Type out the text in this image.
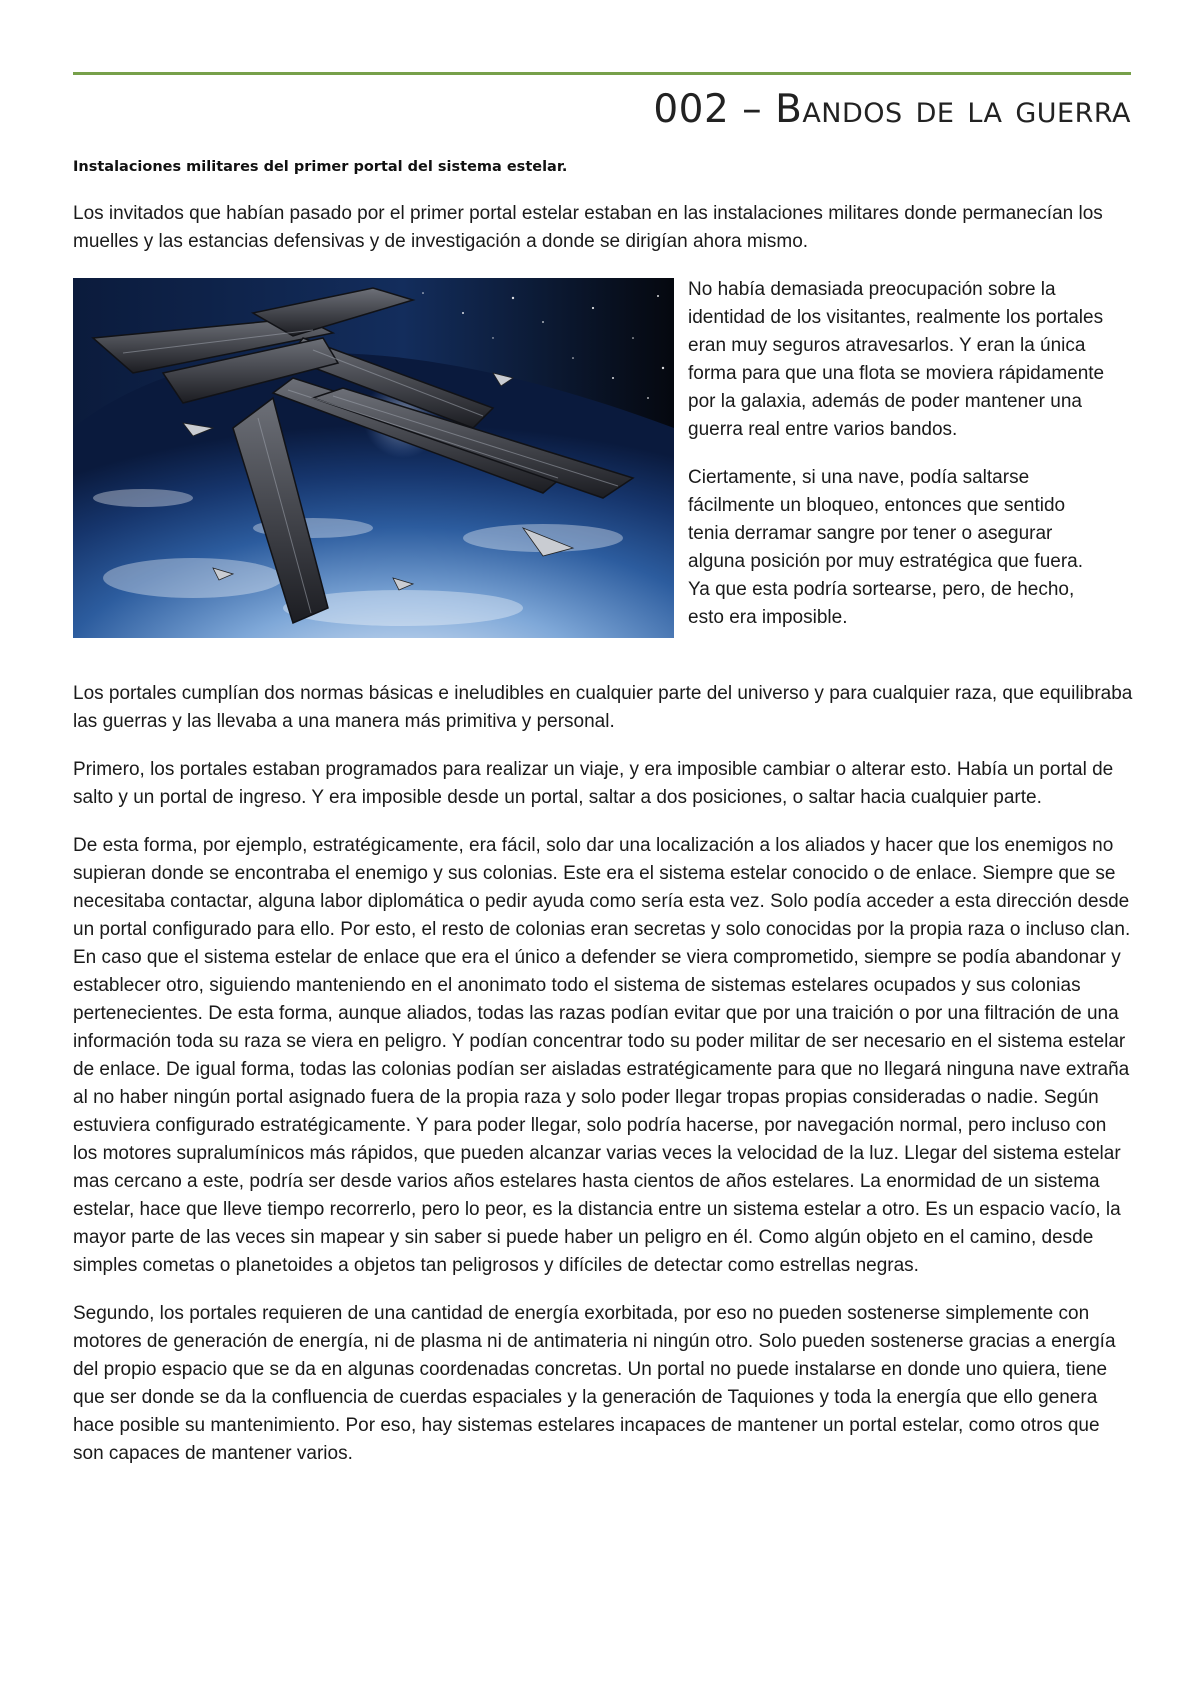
002 – Bandos de la guerra

Instalaciones militares del primer portal del sistema estelar.

Los invitados que habían pasado por el primer portal estelar estaban en las instalaciones militares donde permanecían los muelles y las estancias defensivas y de investigación a donde se dirigían ahora mismo.

No había demasiada preocupación sobre la identidad de los visitantes, realmente los portales eran muy seguros atravesarlos. Y eran la única forma para que una flota se moviera rápidamente por la galaxia, además de poder mantener una guerra real entre varios bandos.

Ciertamente, si una nave, podía saltarse fácilmente un bloqueo, entonces que sentido tenia derramar sangre por tener o asegurar alguna posición por muy estratégica que fuera. Ya que esta podría sortearse, pero, de hecho, esto era imposible.

Los portales cumplían dos normas básicas e ineludibles en cualquier parte del universo y para cualquier raza, que equilibraba las guerras y las llevaba a una manera más primitiva y personal.

Primero, los portales estaban programados para realizar un viaje, y era imposible cambiar o alterar esto. Había un portal de salto y un portal de ingreso. Y era imposible desde un portal, saltar a dos posiciones, o saltar hacia cualquier parte.

De esta forma, por ejemplo, estratégicamente, era fácil, solo dar una localización a los aliados y hacer que los enemigos no supieran donde se encontraba el enemigo y sus colonias. Este era el sistema estelar conocido o de enlace. Siempre que se necesitaba contactar, alguna labor diplomática o pedir ayuda como sería esta vez. Solo podía acceder a esta dirección desde un portal configurado para ello. Por esto, el resto de colonias eran secretas y solo conocidas por la propia raza o incluso clan. En caso que el sistema estelar de enlace que era el único a defender se viera comprometido, siempre se podía abandonar y establecer otro, siguiendo manteniendo en el anonimato todo el sistema de sistemas estelares ocupados y sus colonias pertenecientes. De esta forma, aunque aliados, todas las razas podían evitar que por una traición o por una filtración de una información toda su raza se viera en peligro. Y podían concentrar todo su poder militar de ser necesario en el sistema estelar de enlace. De igual forma, todas las colonias podían ser aisladas estratégicamente para que no llegará ninguna nave extraña al no haber ningún portal asignado fuera de la propia raza y solo poder llegar tropas propias consideradas o nadie. Según estuviera configurado estratégicamente. Y para poder llegar, solo podría hacerse, por navegación normal, pero incluso con los motores supralumínicos más rápidos, que pueden alcanzar varias veces la velocidad de la luz. Llegar del sistema estelar mas cercano a este, podría ser desde varios años estelares hasta cientos de años estelares. La enormidad de un sistema estelar, hace que lleve tiempo recorrerlo, pero lo peor, es la distancia entre un sistema estelar a otro. Es un espacio vacío, la mayor parte de las veces sin mapear y sin saber si puede haber un peligro en él. Como algún objeto en el camino, desde simples cometas o planetoides a objetos tan peligrosos y difíciles de detectar como estrellas negras.

Segundo, los portales requieren de una cantidad de energía exorbitada, por eso no pueden sostenerse simplemente con motores de generación de energía, ni de plasma ni de antimateria ni ningún otro. Solo pueden sostenerse gracias a energía del propio espacio que se da en algunas coordenadas concretas. Un portal no puede instalarse en donde uno quiera, tiene que ser donde se da la confluencia de cuerdas espaciales y la generación de Taquiones y toda la energía que ello genera hace posible su mantenimiento. Por eso, hay sistemas estelares incapaces de mantener un portal estelar, como otros que son capaces de mantener varios.
